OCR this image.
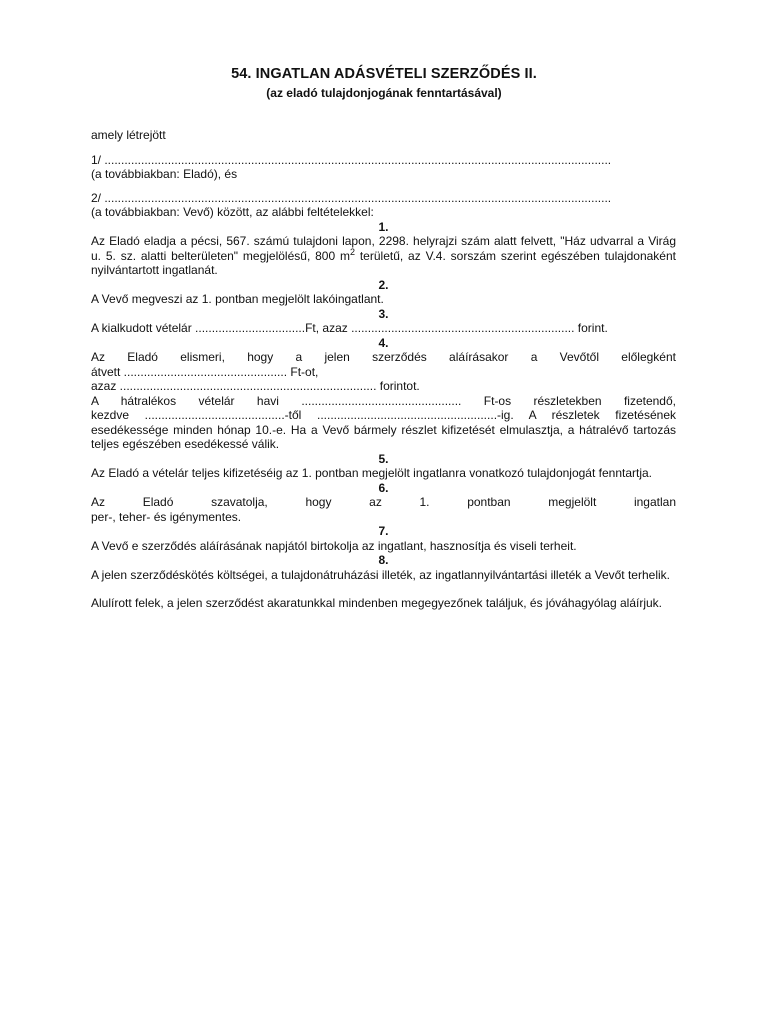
54. INGATLAN ADÁSVÉTELI SZERZŐDÉS II.
(az eladó tulajdonjogának fenntartásával)

amely létrejött

1/ ........................................................................................................................................................

(a továbbiakban: Eladó), és

2/ ........................................................................................................................................................

(a továbbiakban: Vevő) között, az alábbi feltételekkel:

1.

Az Eladó eladja a pécsi, 567. számú tulajdoni lapon, 2298. helyrajzi szám alatt felvett, "Ház udvarral a Virág u. 5. sz. alatti belterületen" megjelölésű, 800 $m^2$ területű, az V.4. sorszám szerint egészében tulajdonaként nyilvántartott ingatlanát.

2.

A Vevő megveszi az 1. pontban megjelölt lakóingatlant.

3.

A kialkudott vételár .................................Ft, azaz ................................................................... forint.

4.

Az Eladó elismeri, hogy a jelen szerződés aláírásakor a Vevőtől előlegként

átvett ................................................. Ft-ot,

azaz ............................................................................. forintot.

A hátralékos vételár havi ................................................ Ft-os részletekben fizetendő,

kezdve ..........................................-től ......................................................-ig. A részletek fizetésének esedékessége minden hónap 10.-e. Ha a Vevő bármely részlet kifizetését elmulasztja, a hátralévő tartozás teljes egészében esedékessé válik.

5.

Az Eladó a vételár teljes kifizetéséig az 1. pontban megjelölt ingatlanra vonatkozó tulajdonjogát fenntartja.

6.

Az Eladó szavatolja, hogy az 1. pontban megjelölt ingatlan

per-, teher- és igénymentes.

7.

A Vevő e szerződés aláírásának napjától birtokolja az ingatlant, hasznosítja és viseli terheit.

8.

A jelen szerződéskötés költségei, a tulajdonátruházási illeték, az ingatlannyilvántartási illeték a Vevőt terhelik.

Alulírott felek, a jelen szerződést akaratunkkal mindenben megegyezőnek találjuk, és jóváhagyólag aláírjuk.
